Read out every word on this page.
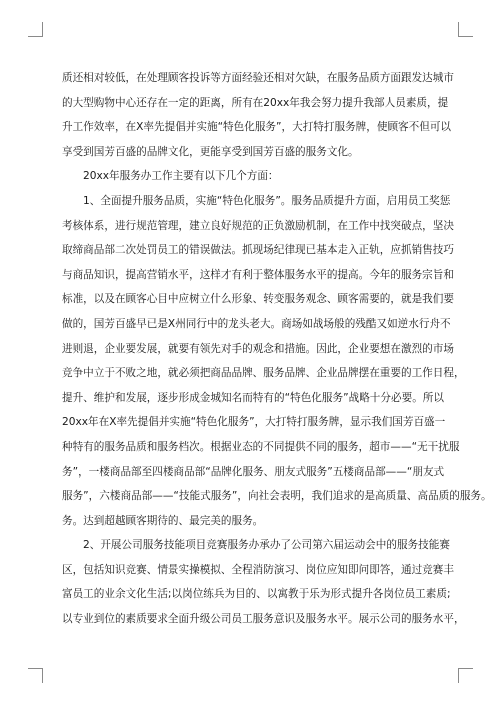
质还相对较低，在处理顾客投诉等方面经验还相对欠缺，在服务品质方面跟发达城市
的大型购物中心还存在一定的距离，所有在20xx年我会努力提升我部人员素质，提
升工作效率，在X率先提倡并实施“特色化服务”，大打特打服务牌，使顾客不但可以
享受到国芳百盛的品牌文化，更能享受到国芳百盛的服务文化。
20xx年服务办工作主要有以下几个方面：
1、全面提升服务品质，实施“特色化服务”。服务品质提升方面，启用员工奖惩
考核体系，进行规范管理，建立良好规范的正负激励机制，在工作中找突破点，坚决
取缔商品部二次处罚员工的错误做法。抓现场纪律现已基本走入正轨，应抓销售技巧
与商品知识，提高营销水平，这样才有利于整体服务水平的提高。今年的服务宗旨和
标准，以及在顾客心目中应树立什么形象、转变服务观念、顾客需要的，就是我们要
做的，国芳百盛早已是X州同行中的龙头老大。商场如战场般的残酷又如逆水行舟不
进则退，企业要发展，就要有领先对手的观念和措施。因此，企业要想在激烈的市场
竞争中立于不败之地，就必须把商品品牌、服务品牌、企业品牌摆在重要的工作日程，
提升、维护和发展，逐步形成金城知名而特有的“特色化服务”战略十分必要。所以
20xx年在X率先提倡并实施“特色化服务”，大打特打服务牌，显示我们国芳百盛一
种特有的服务品质和服务档次。根据业态的不同提供不同的服务，超市——“无干扰服
务”，一楼商品部至四楼商品部“品牌化服务、朋友式服务”五楼商品部——“朋友式
服务”，六楼商品部——“技能式服务”，向社会表明，我们追求的是高质量、高品质的服务。
务。达到超越顾客期待的、最完美的服务。
2、开展公司服务技能项目竞赛服务办承办了公司第六届运动会中的服务技能赛
区，包括知识竞赛、情景实操模拟、全程消防演习、岗位应知即问即答，通过竞赛丰
富员工的业余文化生活;以岗位练兵为目的、以寓教于乐为形式提升各岗位员工素质;
以专业到位的素质要求全面升级公司员工服务意识及服务水平。展示公司的服务水平，
